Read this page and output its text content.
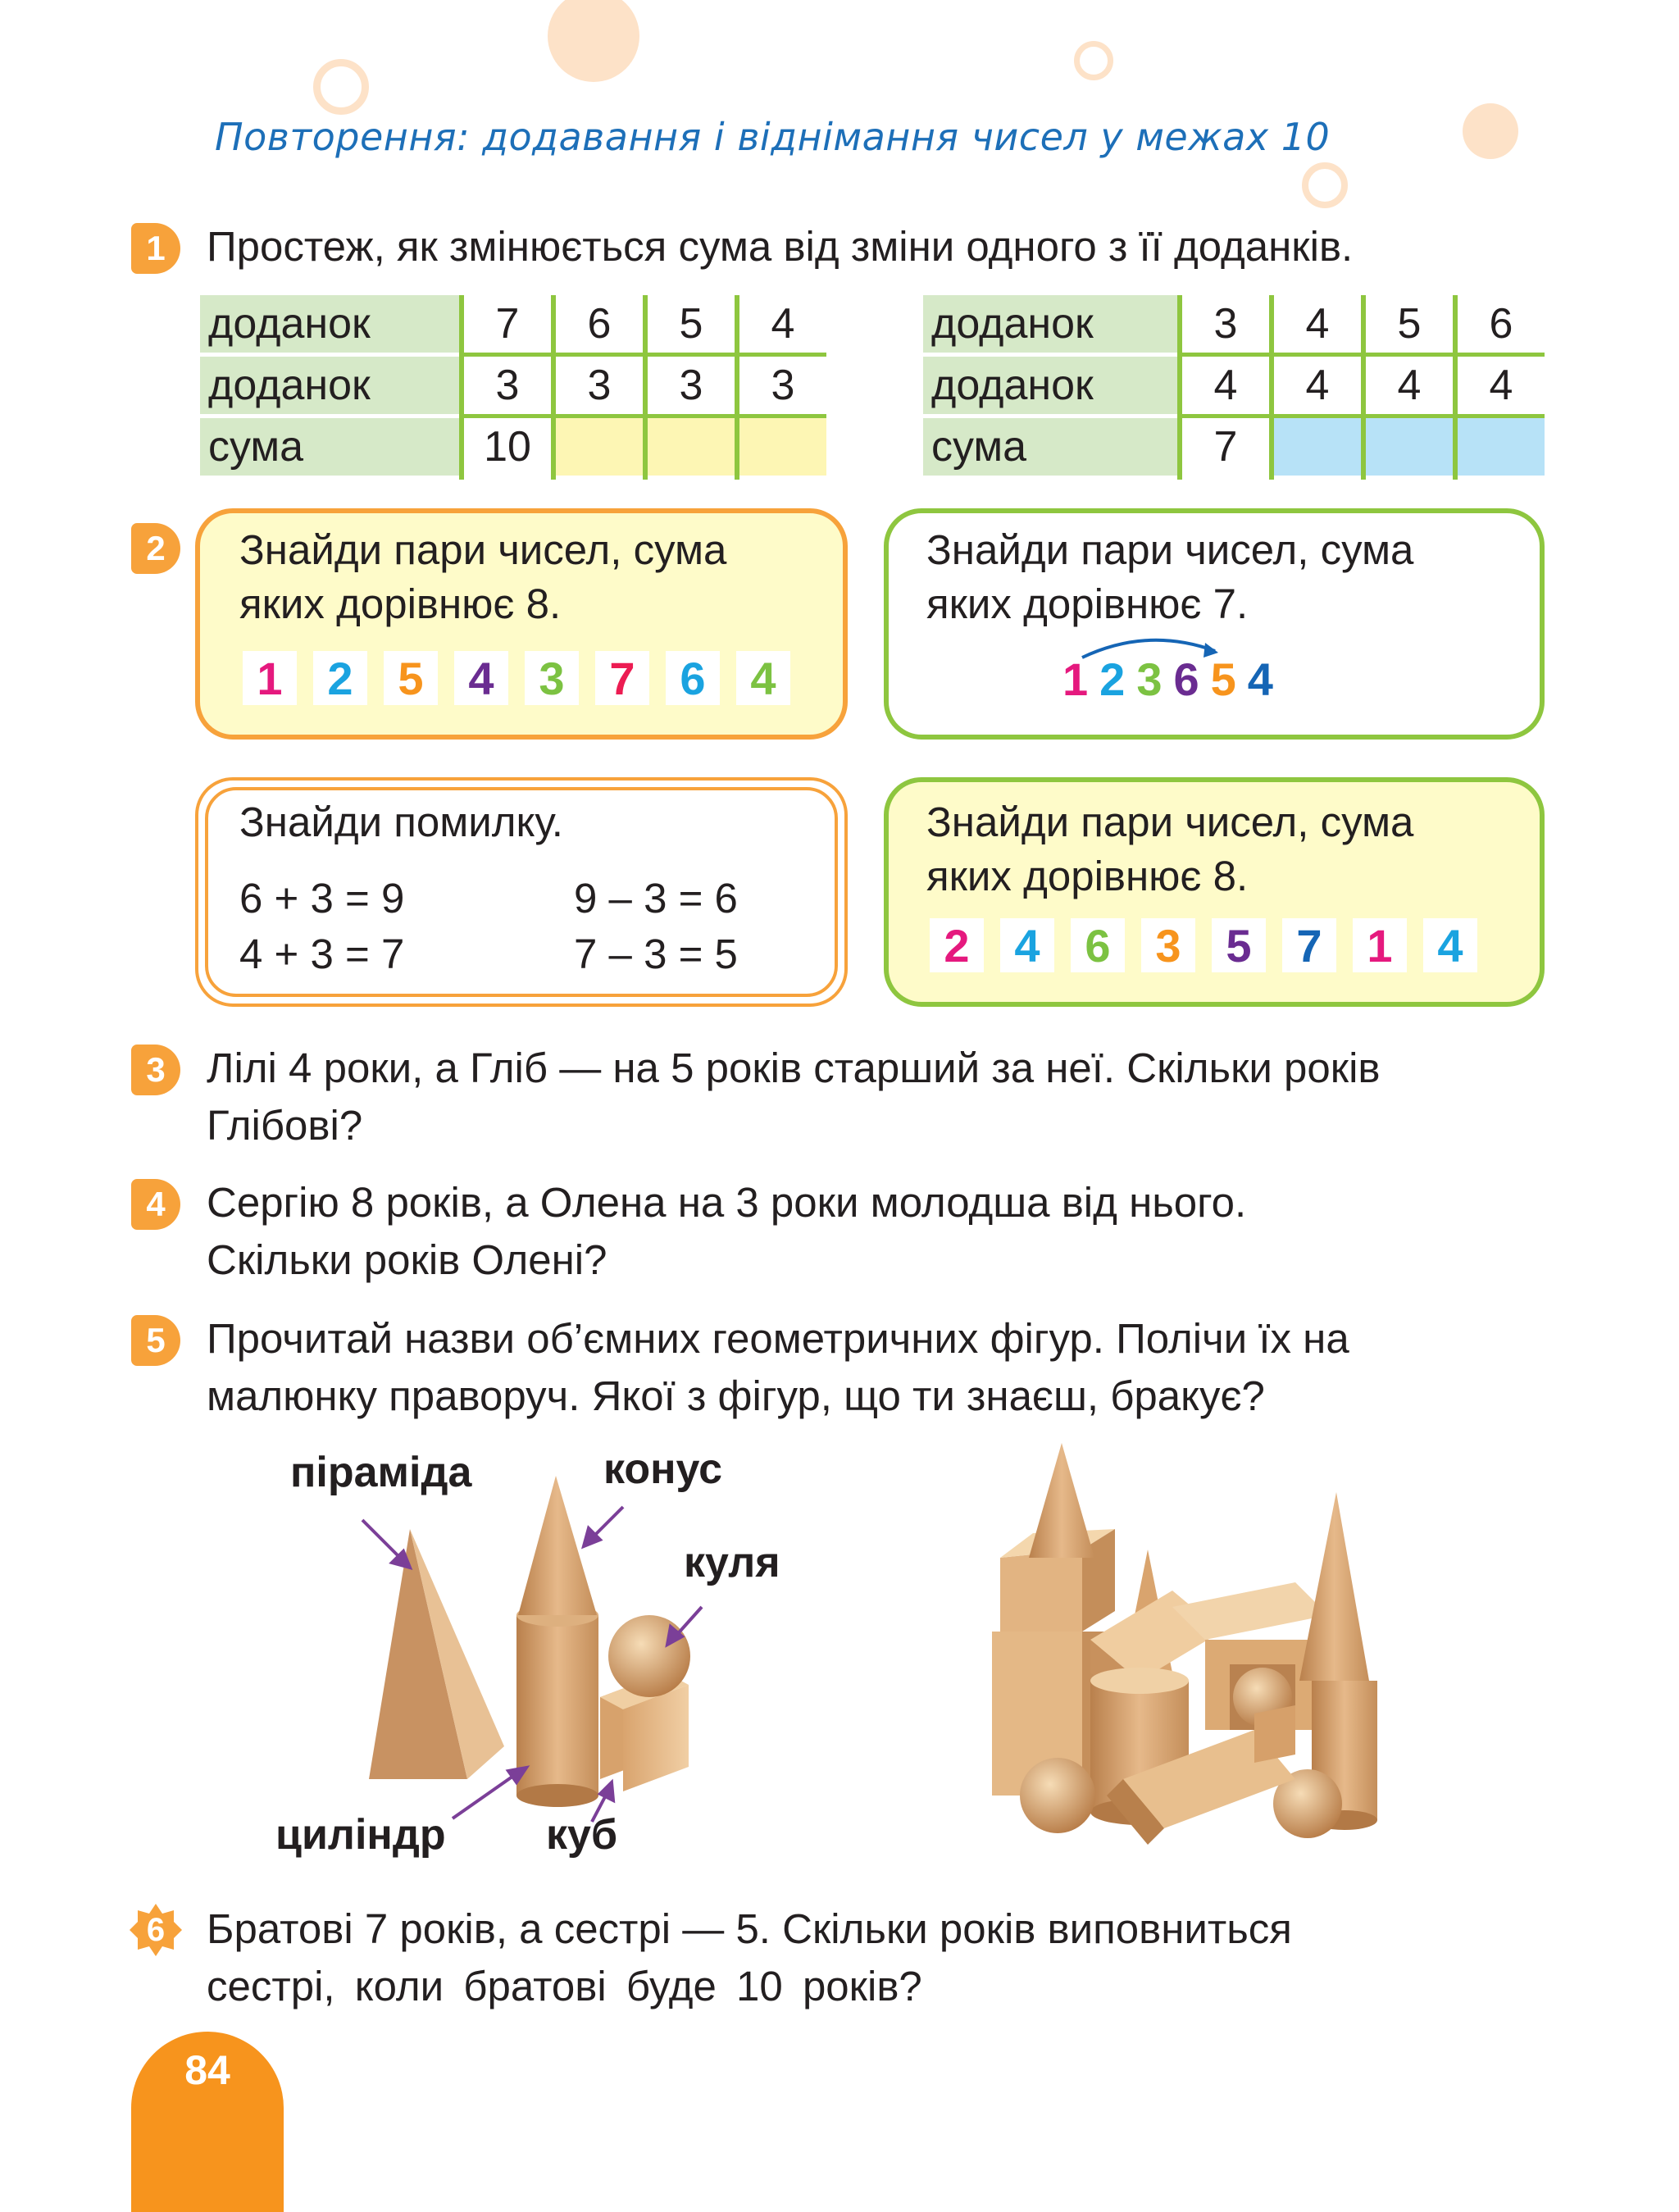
Повторення: додавання і віднімання чисел у межах 10
1 Простеж, як змінюється сума від зміни одного з її доданків.
доданок	7	6	5	4
доданок	3	3	3	3
сума	10			
доданок	3	4	5	6
доданок	4	4	4	4
сума	7			
2	Знайди пари чисел, сума
яких дорівнює 8.
1 2 5 4 3 7 6 4
Знайди пари чисел, сума
яких дорівнює 7.
1 2 3 6 5 4
Знайди помилку.
6 + 3 = 9
4 + 3 = 7
9 – 3 = 6
7 – 3 = 5
Знайди пари чисел, сума
яких дорівнює 8.
2 4 6 3 5 7 1 4
3 Лілі 4 роки, а Гліб — на 5 років старший за неї. Скільки років
Глібові?
4 Сергію 8 років, а Олена на 3 роки молодша від нього.
Скільки років Олені?
5 Прочитай назви об’ємних геометричних фігур. Полічи їх на
малюнку праворуч. Якої з фігур, що ти знаєш, бракує?
піраміда	конус
куля
циліндр куб
6 Братові 7 років, а сестрі — 5. Скільки років виповниться
сестрі, коли братові буде 10 років?
84
